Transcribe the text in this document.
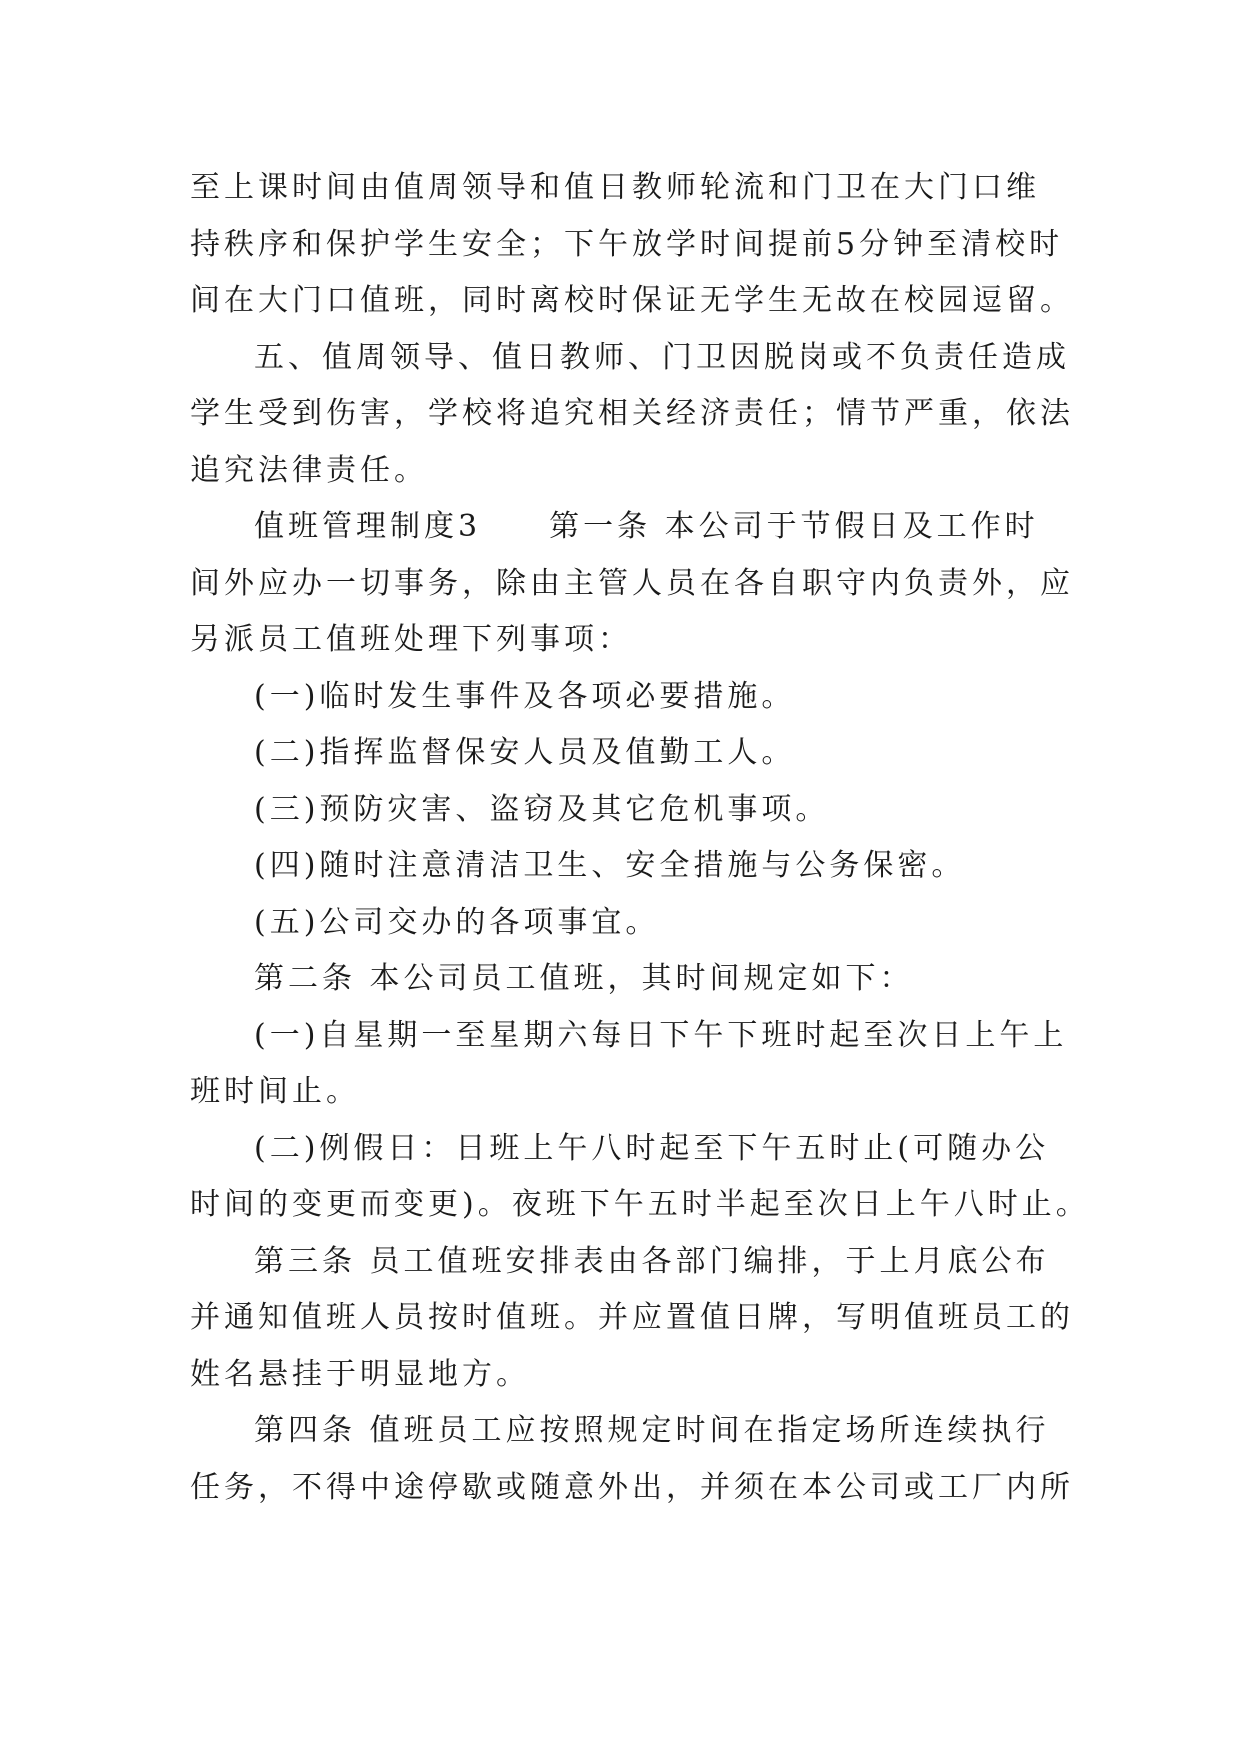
至上课时间由值周领导和值日教师轮流和门卫在大门口维
持秩序和保护学生安全；下午放学时间提前5分钟至清校时
间在大门口值班，同时离校时保证无学生无故在校园逗留。
五、值周领导、值日教师、门卫因脱岗或不负责任造成
学生受到伤害，学校将追究相关经济责任；情节严重，依法
追究法律责任。
值班管理制度3　　第一条 本公司于节假日及工作时
间外应办一切事务，除由主管人员在各自职守内负责外，应
另派员工值班处理下列事项：
(一)临时发生事件及各项必要措施。
(二)指挥监督保安人员及值勤工人。
(三)预防灾害、盗窃及其它危机事项。
(四)随时注意清洁卫生、安全措施与公务保密。
(五)公司交办的各项事宜。
第二条 本公司员工值班，其时间规定如下：
(一)自星期一至星期六每日下午下班时起至次日上午上
班时间止。
(二)例假日：日班上午八时起至下午五时止(可随办公
时间的变更而变更)。夜班下午五时半起至次日上午八时止。
第三条 员工值班安排表由各部门编排，于上月底公布
并通知值班人员按时值班。并应置值日牌，写明值班员工的
姓名悬挂于明显地方。
第四条 值班员工应按照规定时间在指定场所连续执行
任务，不得中途停歇或随意外出，并须在本公司或工厂内所
